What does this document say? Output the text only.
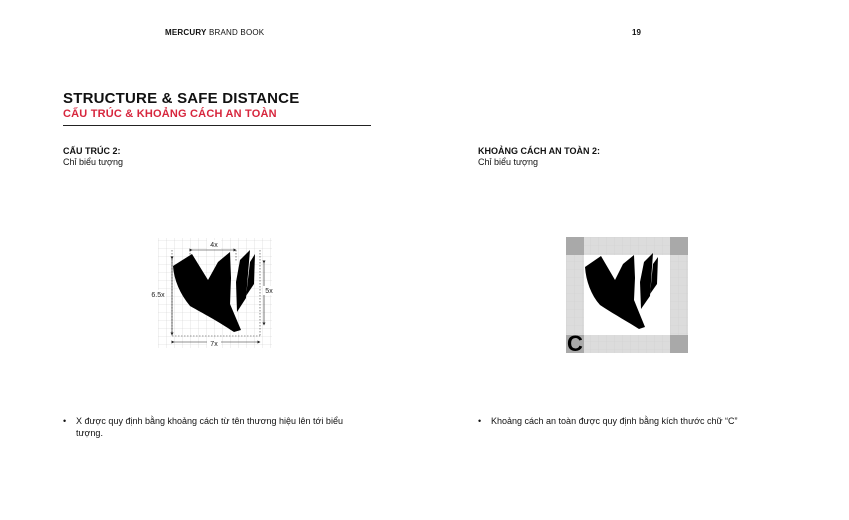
MERCURY BRAND BOOK	19
STRUCTURE & SAFE DISTANCE
CẤU TRÚC & KHOẢNG CÁCH AN TOÀN
CẤU TRÚC 2:
Chỉ biểu tượng
KHOẢNG CÁCH AN TOÀN 2:
Chỉ biểu tượng
4x
6.5x
5x
7x	C
• X được quy định bằng khoảng cách từ tên thương hiệu lên tới biểu
tượng.
• Khoảng cách an toàn được quy định bằng kích thước chữ “C”
